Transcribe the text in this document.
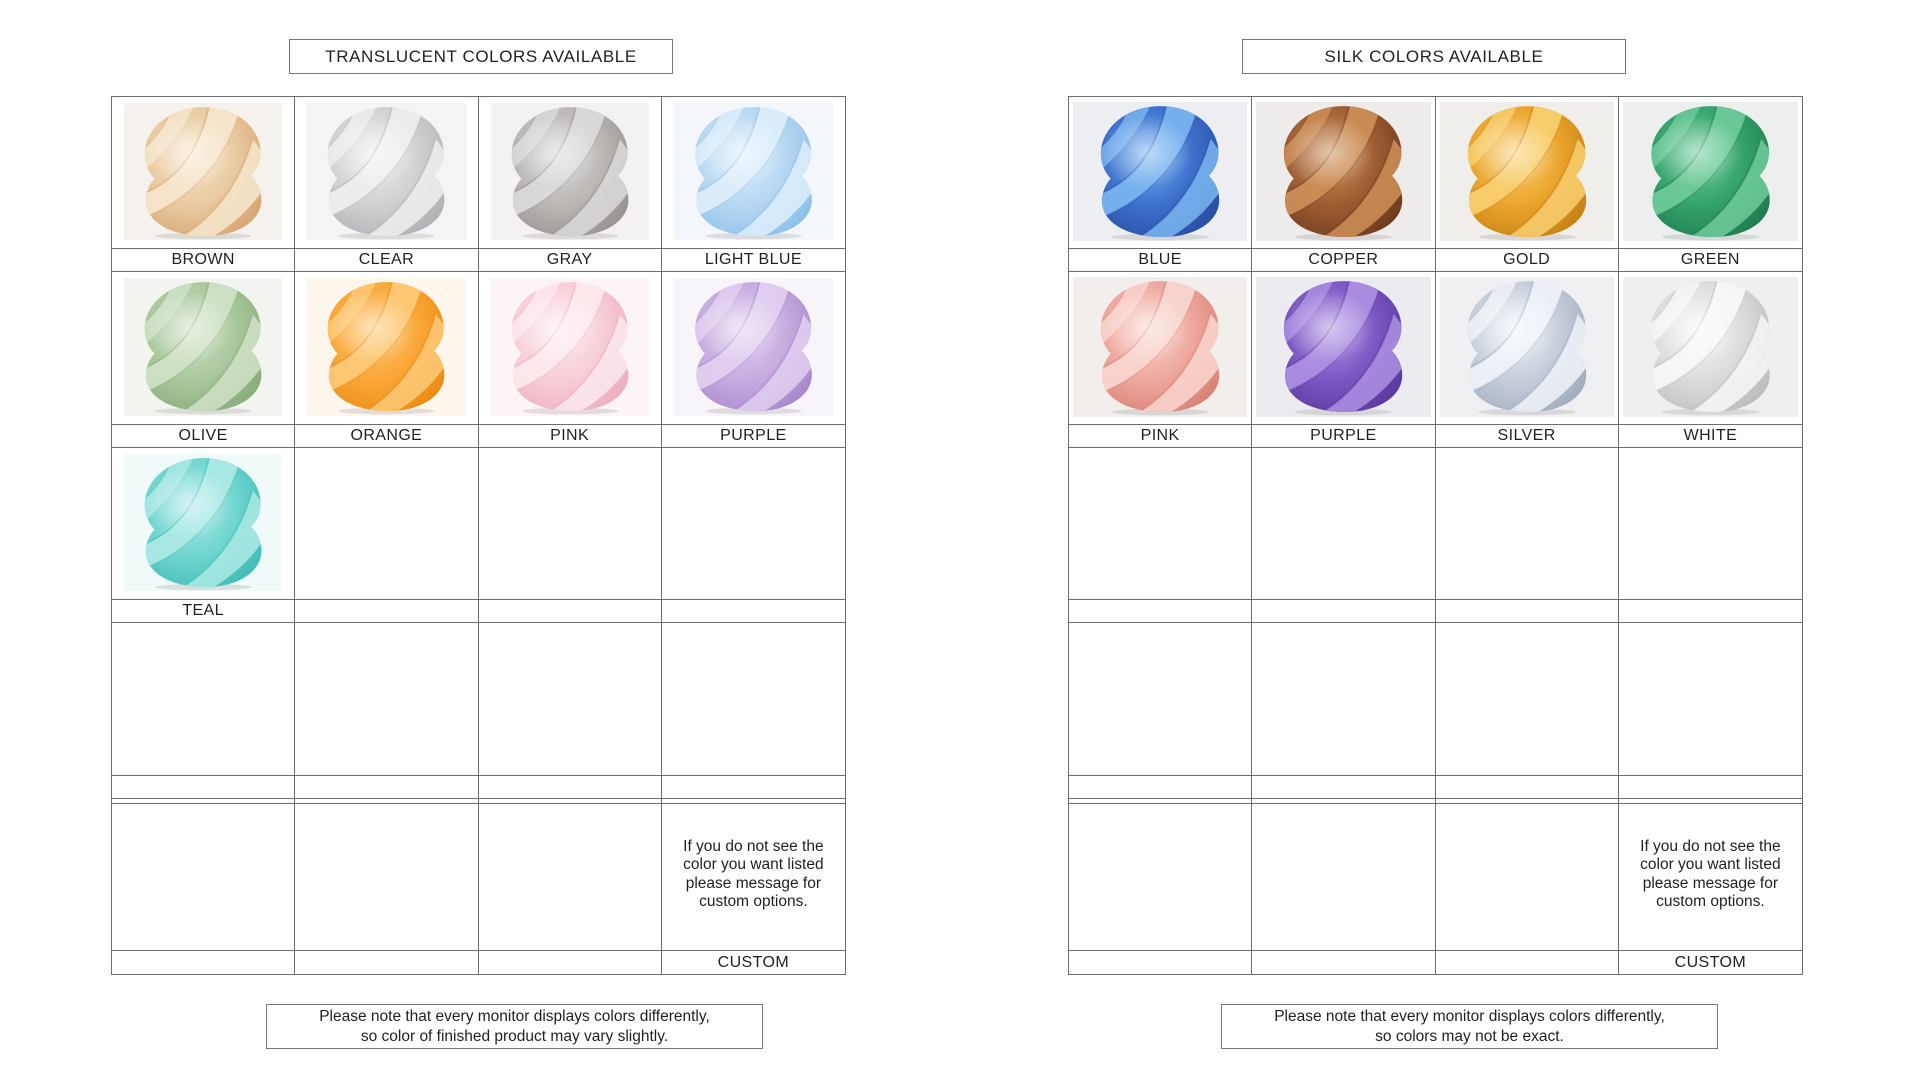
TRANSLUCENT COLORS AVAILABLE
BROWN	CLEAR	GRAY	LIGHT BLUE
OLIVE	ORANGE	PINK	PURPLE
TEAL
If you do not see the color you want listed please message for custom options.
CUSTOM
Please note that every monitor displays colors differently,
so color of finished product may vary slightly.
SILK COLORS AVAILABLE
BLUE	COPPER	GOLD	GREEN
PINK	PURPLE	SILVER	WHITE
If you do not see the color you want listed please message for custom options.
CUSTOM
Please note that every monitor displays colors differently,
so colors may not be exact.
